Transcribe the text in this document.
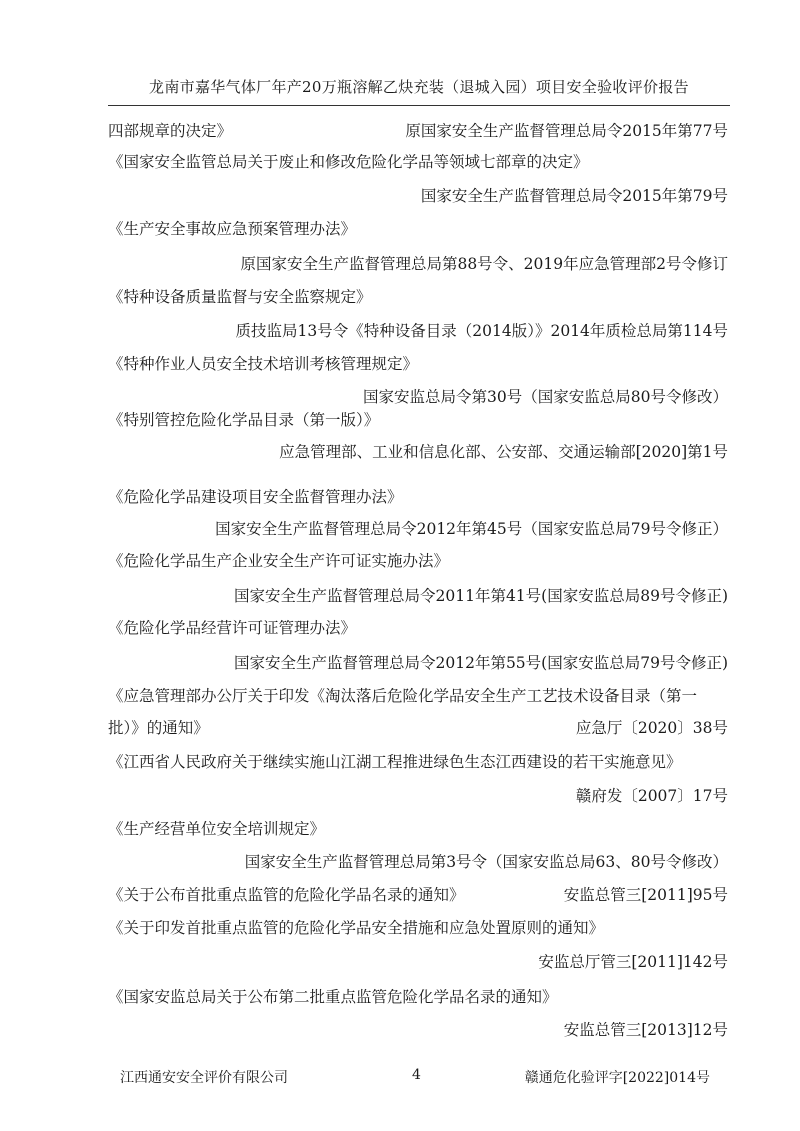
龙南市嘉华气体厂年产20万瓶溶解乙炔充装（退城入园）项目安全验收评价报告
四部规章的决定》	原国家安全生产监督管理总局令2015年第77号
《国家安全监管总局关于废止和修改危险化学品等领域七部章的决定》
国家安全生产监督管理总局令2015年第79号
《生产安全事故应急预案管理办法》
原国家安全生产监督管理总局第88号令、2019年应急管理部2号令修订
《特种设备质量监督与安全监察规定》
质技监局13号令《特种设备目录（2014版）》2014年质检总局第114号
《特种作业人员安全技术培训考核管理规定》
国家安监总局令第30号（国家安监总局80号令修改）
《特别管控危险化学品目录（第一版）》
应急管理部、工业和信息化部、公安部、交通运输部[2020]第1号
《危险化学品建设项目安全监督管理办法》
国家安全生产监督管理总局令2012年第45号（国家安监总局79号令修正）
《危险化学品生产企业安全生产许可证实施办法》
国家安全生产监督管理总局令2011年第41号(国家安监总局89号令修正)
《危险化学品经营许可证管理办法》
国家安全生产监督管理总局令2012年第55号(国家安监总局79号令修正)
《应急管理部办公厅关于印发《淘汰落后危险化学品安全生产工艺技术设备目录（第一
批）》的通知》	应急厅〔2020〕38号
《江西省人民政府关于继续实施山江湖工程推进绿色生态江西建设的若干实施意见》
赣府发〔2007〕17号
《生产经营单位安全培训规定》
国家安全生产监督管理总局第3号令（国家安监总局63、80号令修改）
《关于公布首批重点监管的危险化学品名录的通知》	安监总管三[2011]95号
《关于印发首批重点监管的危险化学品安全措施和应急处置原则的通知》
安监总厅管三[2011]142号
《国家安监总局关于公布第二批重点监管危险化学品名录的通知》
安监总管三[2013]12号
江西通安安全评价有限公司	4	赣通危化验评字[2022]014号
